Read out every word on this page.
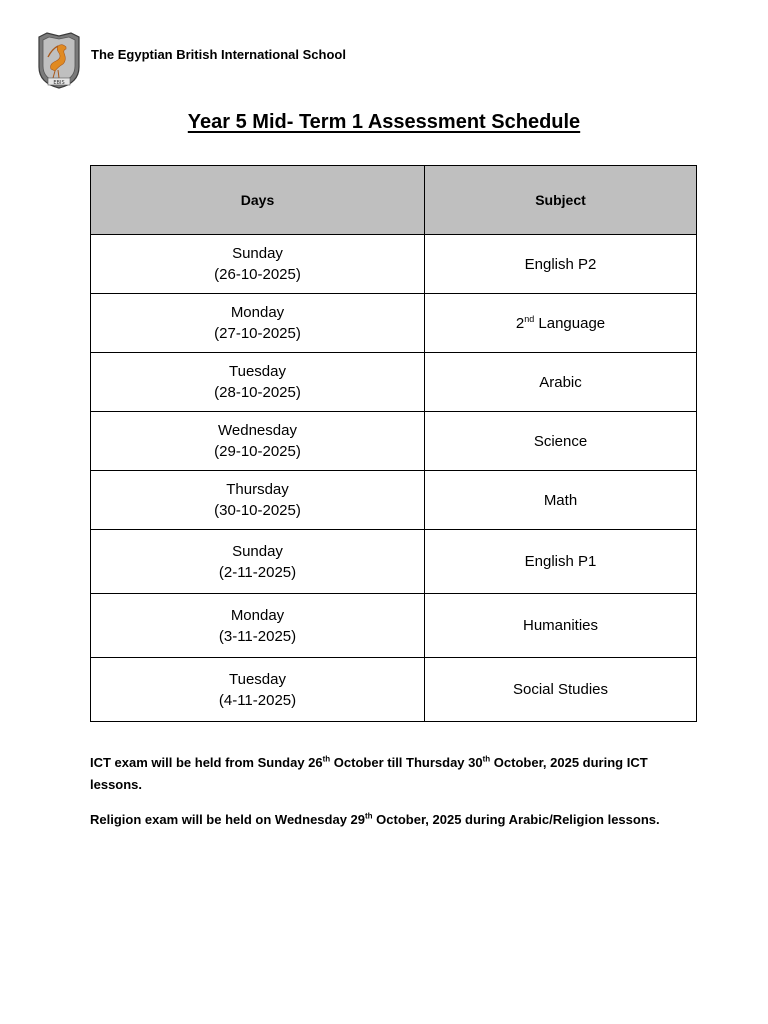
EBIS
The Egyptian British International School
Year 5 Mid- Term 1 Assessment Schedule
Days	Subject

Sunday
(26-10-2025)	English P2

Monday
(27-10-2025)	2nd Language

Tuesday
(28-10-2025)	Arabic

Wednesday
(29-10-2025)	Science

Thursday
(30-10-2025)	Math

Sunday
(2-11-2025)	English P1

Monday
(3-11-2025)	Humanities

Tuesday
(4-11-2025)	Social Studies

ICT exam will be held from Sunday 26th October till Thursday 30th October, 2025 during ICT lessons.

Religion exam will be held on Wednesday 29th October, 2025 during Arabic/Religion lessons.
